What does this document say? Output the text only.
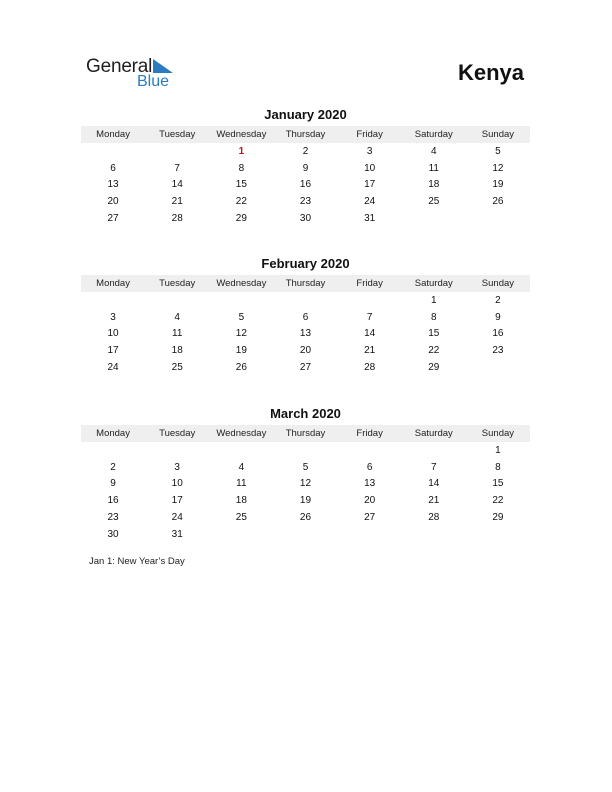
General
Blue	Kenya
January 2020
Monday	Tuesday	Wednesday	Thursday	Friday	Saturday	Sunday
		1	2	3	4	5
6	7	8	9	10	11	12
13	14	15	16	17	18	19
20	21	22	23	24	25	26
27	28	29	30	31		
February 2020
Monday	Tuesday	Wednesday	Thursday	Friday	Saturday	Sunday
					1	2
3	4	5	6	7	8	9
10	11	12	13	14	15	16
17	18	19	20	21	22	23
24	25	26	27	28	29	
March 2020
Monday	Tuesday	Wednesday	Thursday	Friday	Saturday	Sunday
						1
2	3	4	5	6	7	8
9	10	11	12	13	14	15
16	17	18	19	20	21	22
23	24	25	26	27	28	29
30	31					
Jan 1: New Year’s Day
